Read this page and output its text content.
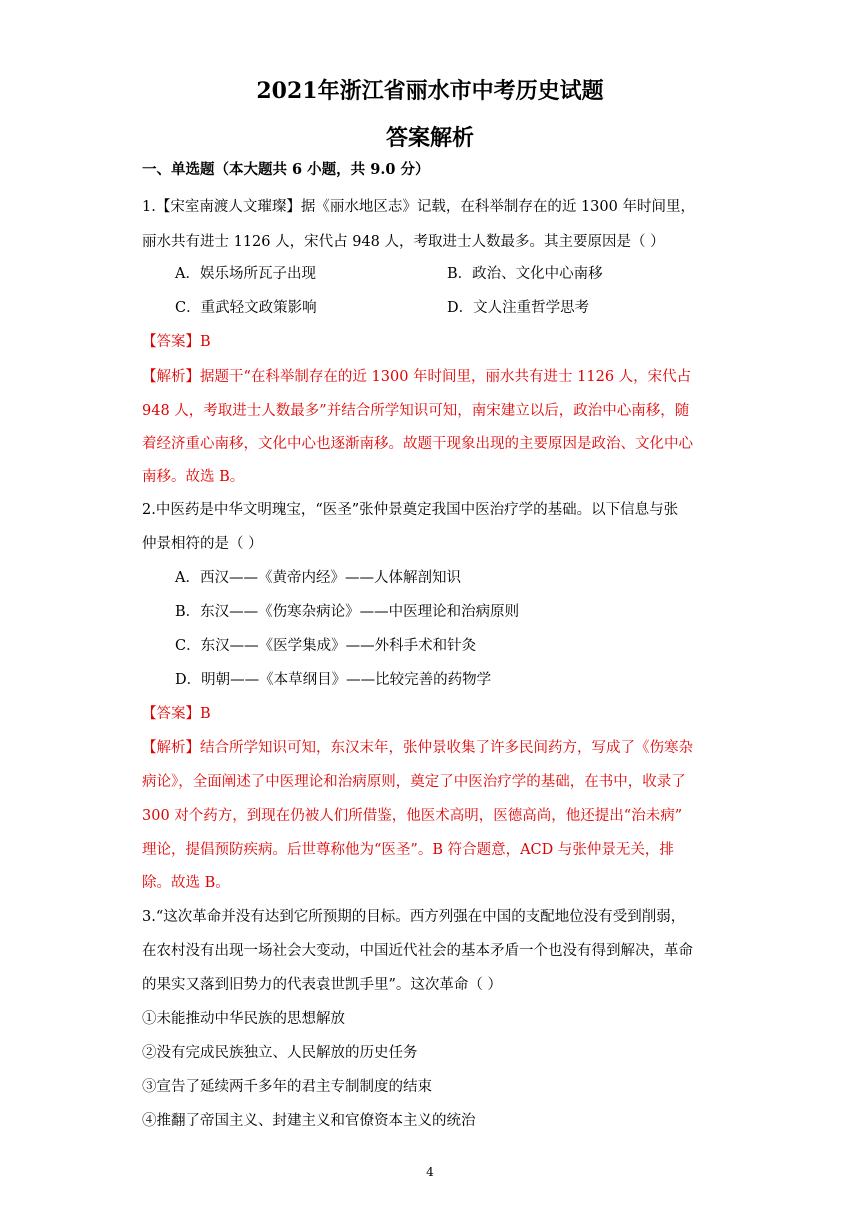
2021年浙江省丽水市中考历史试题
答案解析
一、单选题（本大题共 6 小题，共 9.0 分）
1.【宋室南渡人文璀璨】据《丽水地区志》记载，在科举制存在的近 1300 年时间里，
丽水共有进士 1126 人，宋代占 948 人，考取进士人数最多。其主要原因是（ ）
A．娱乐场所瓦子出现	B．政治、文化中心南移
C．重武轻文政策影响	D．文人注重哲学思考
【答案】B
【解析】据题干“在科举制存在的近 1300 年时间里，丽水共有进士 1126 人，宋代占
948 人，考取进士人数最多”并结合所学知识可知，南宋建立以后，政治中心南移，随
着经济重心南移，文化中心也逐渐南移。故题干现象出现的主要原因是政治、文化中心
南移。故选 B。
2.中医药是中华文明瑰宝，“医圣”张仲景奠定我国中医治疗学的基础。以下信息与张
仲景相符的是（ ）
A．西汉——《黄帝内经》——人体解剖知识
B．东汉——《伤寒杂病论》——中医理论和治病原则
C．东汉——《医学集成》——外科手术和针灸
D．明朝——《本草纲目》——比较完善的药物学
【答案】B
【解析】结合所学知识可知，东汉末年，张仲景收集了许多民间药方，写成了《伤寒杂
病论》，全面阐述了中医理论和治病原则，奠定了中医治疗学的基础，在书中，收录了
300 对个药方，到现在仍被人们所借鉴，他医术高明，医德高尚，他还提出“治未病”
理论，提倡预防疾病。后世尊称他为“医圣”。B 符合题意，ACD 与张仲景无关，排
除。故选 B。
3.“这次革命并没有达到它所预期的目标。西方列强在中国的支配地位没有受到削弱，
在农村没有出现一场社会大变动，中国近代社会的基本矛盾一个也没有得到解决，革命
的果实又落到旧势力的代表袁世凯手里”。这次革命（ ）
①未能推动中华民族的思想解放
②没有完成民族独立、人民解放的历史任务
③宣告了延续两千多年的君主专制制度的结束
④推翻了帝国主义、封建主义和官僚资本主义的统治
4
